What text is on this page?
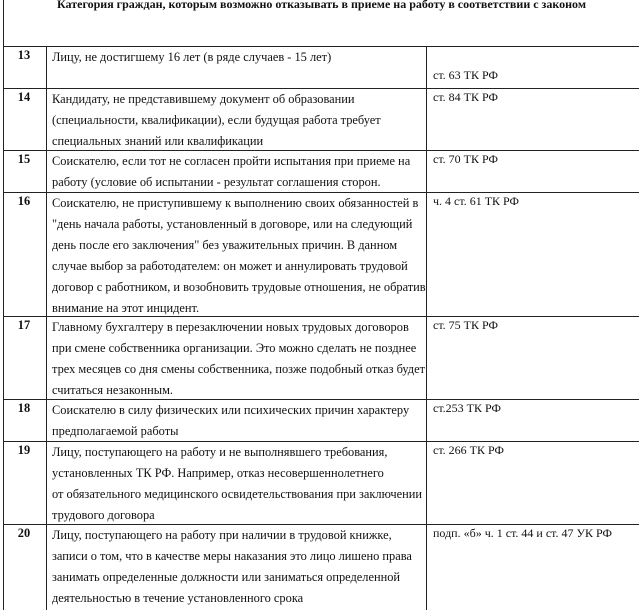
Категория граждан, которым возможно отказывать в приеме на работу в соответствии с законом
13	Лицу, не достигшему 16 лет (в ряде случаев - 15 лет)
ст. 63 ТК РФ
14	Кандидату, не представившему документ об образовании
(специальности, квалификации), если будущая работа требует
специальных знаний или квалификации
ст. 84 ТК РФ
15	Соискателю, если тот не согласен пройти испытания при приеме на
работу (условие об испытании - результат соглашения сторон.
ст. 70 ТК РФ
16	Соискателю, не приступившему к выполнению своих обязанностей в
"день начала работы, установленный в договоре, или на следующий
день после его заключения" без уважительных причин. В данном
случае выбор за работодателем: он может и аннулировать трудовой
договор с работником, и возобновить трудовые отношения, не обратив
внимание на этот инцидент.
ч. 4 ст. 61 ТК РФ
17	Главному бухгалтеру в перезаключении новых трудовых договоров
при смене собственника организации. Это можно сделать не позднее
трех месяцев со дня смены собственника, позже подобный отказ будет
считаться незаконным.
ст. 75 ТК РФ
18	Соискателю в силу физических или психических причин характеру
предполагаемой работы
ст.253 ТК РФ
19	Лицу, поступающего на работу и не выполнявшего требования,
установленных ТК РФ. Например, отказ несовершеннолетнего
от обязательного медицинского освидетельствования при заключении
трудового договора
ст. 266 ТК РФ
20	Лицу, поступающего на работу при наличии в трудовой книжке,
записи о том, что в качестве меры наказания это лицо лишено права
занимать определенные должности или заниматься определенной
деятельностью в течение установленного срока
подп. «б» ч. 1 ст. 44 и ст. 47 УК РФ
